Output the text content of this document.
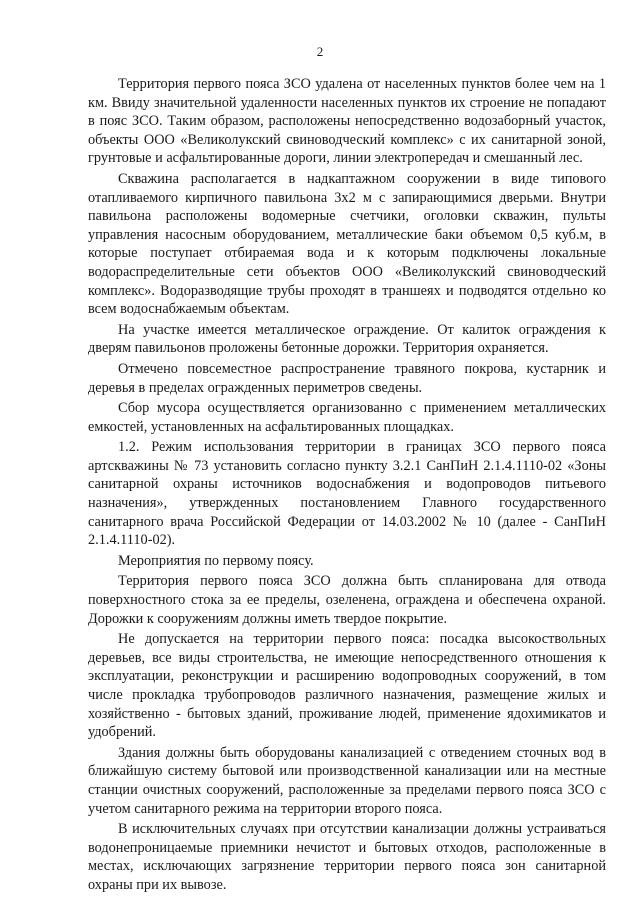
2

Территория первого пояса ЗСО удалена от населенных пунктов более чем на 1 км. Ввиду значительной удаленности населенных пунктов их строение не попадают в пояс ЗСО. Таким образом, расположены непосредственно водозаборный участок, объекты ООО «Великолукский свиноводческий комплекс» с их санитарной зоной, грунтовые и асфальтированные дороги, линии электропередач и смешанный лес.

Скважина располагается в надкаптажном сооружении в виде типового отапливаемого кирпичного павильона 3х2 м с запирающимися дверьми. Внутри павильона расположены водомерные счетчики, оголовки скважин, пульты управления насосным оборудованием, металлические баки объемом 0,5 куб.м, в которые поступает отбираемая вода и к которым подключены локальные водораспределительные сети объектов ООО «Великолукский свиноводческий комплекс». Водоразводящие трубы проходят в траншеях и подводятся отдельно ко всем водоснабжаемым объектам.

На участке имеется металлическое ограждение. От калиток ограждения к дверям павильонов проложены бетонные дорожки. Территория охраняется.

Отмечено повсеместное распространение травяного покрова, кустарник и деревья в пределах огражденных периметров сведены.

Сбор мусора осуществляется организованно с применением металлических емкостей, установленных на асфальтированных площадках.

1.2. Режим использования территории в границах ЗСО первого пояса артскважины № 73 установить согласно пункту 3.2.1 СанПиН 2.1.4.1110-02 «Зоны санитарной охраны источников водоснабжения и водопроводов питьевого назначения», утвержденных постановлением Главного государственного санитарного врача Российской Федерации от 14.03.2002 № 10 (далее - СанПиН 2.1.4.1110-02).

Мероприятия по первому поясу.

Территория первого пояса ЗСО должна быть спланирована для отвода поверхностного стока за ее пределы, озеленена, ограждена и обеспечена охраной. Дорожки к сооружениям должны иметь твердое покрытие.

Не допускается на территории первого пояса: посадка высокоствольных деревьев, все виды строительства, не имеющие непосредственного отношения к эксплуатации, реконструкции и расширению водопроводных сооружений, в том числе прокладка трубопроводов различного назначения, размещение жилых и хозяйственно - бытовых зданий, проживание людей, применение ядохимикатов и удобрений.

Здания должны быть оборудованы канализацией с отведением сточных вод в ближайшую систему бытовой или производственной канализации или на местные станции очистных сооружений, расположенные за пределами первого пояса ЗСО с учетом санитарного режима на территории второго пояса.

В исключительных случаях при отсутствии канализации должны устраиваться водонепроницаемые приемники нечистот и бытовых отходов, расположенные в местах, исключающих загрязнение территории первого пояса зон санитарной охраны при их вывозе.
